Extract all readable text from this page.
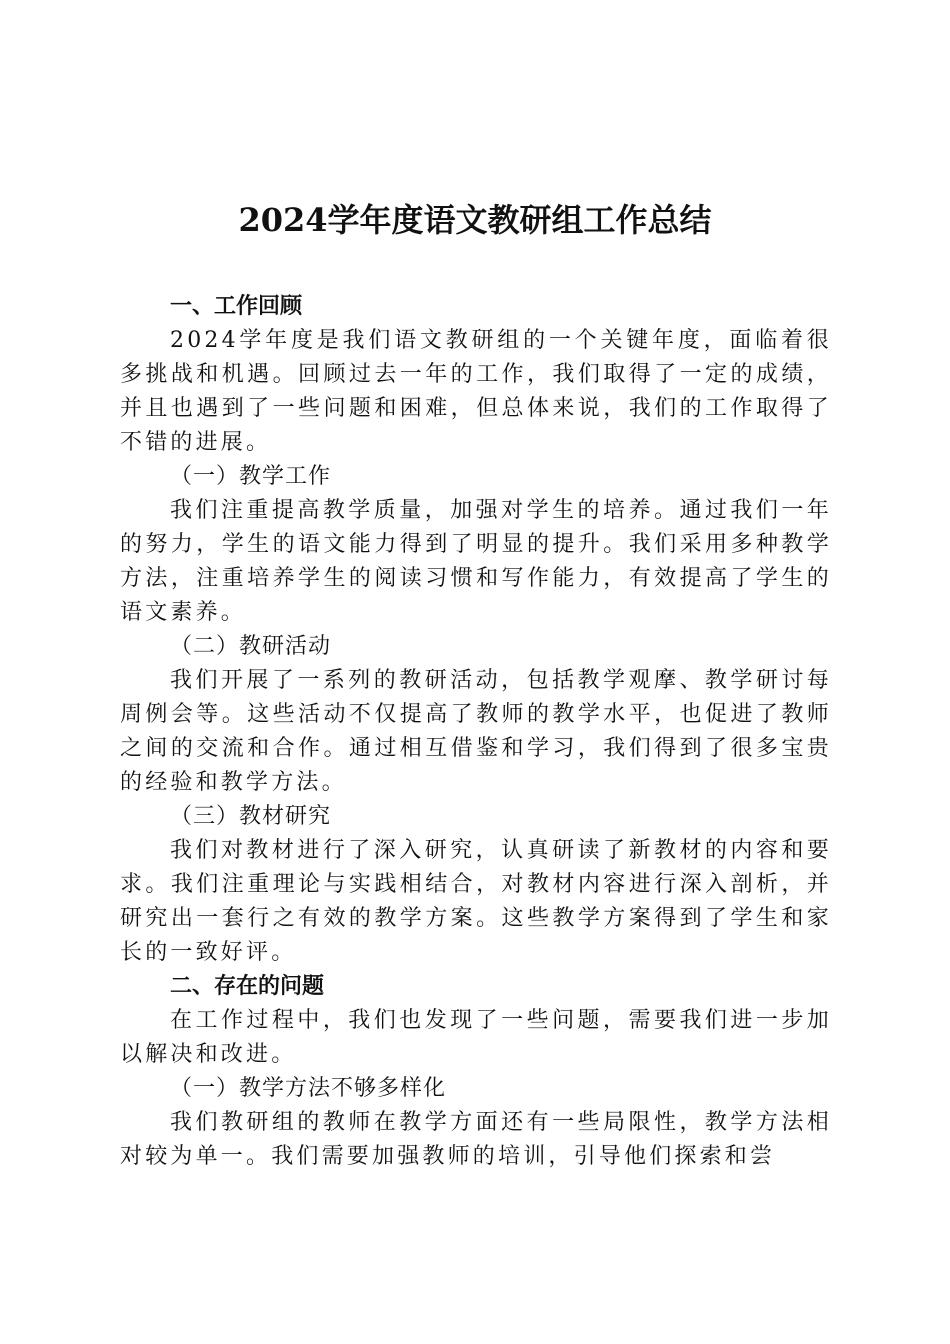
2024学年度语文教研组工作总结

一、工作回顾

2024学年度是我们语文教研组的一个关键年度，面临着很多挑战和机遇。回顾过去一年的工作，我们取得了一定的成绩，并且也遇到了一些问题和困难，但总体来说，我们的工作取得了不错的进展。

（一）教学工作

我们注重提高教学质量，加强对学生的培养。通过我们一年的努力，学生的语文能力得到了明显的提升。我们采用多种教学方法，注重培养学生的阅读习惯和写作能力，有效提高了学生的语文素养。

（二）教研活动

我们开展了一系列的教研活动，包括教学观摩、教学研讨每周例会等。这些活动不仅提高了教师的教学水平，也促进了教师之间的交流和合作。通过相互借鉴和学习，我们得到了很多宝贵的经验和教学方法。

（三）教材研究

我们对教材进行了深入研究，认真研读了新教材的内容和要求。我们注重理论与实践相结合，对教材内容进行深入剖析，并研究出一套行之有效的教学方案。这些教学方案得到了学生和家长的一致好评。

二、存在的问题

在工作过程中，我们也发现了一些问题，需要我们进一步加以解决和改进。

（一）教学方法不够多样化

我们教研组的教师在教学方面还有一些局限性，教学方法相对较为单一。我们需要加强教师的培训，引导他们探索和尝
